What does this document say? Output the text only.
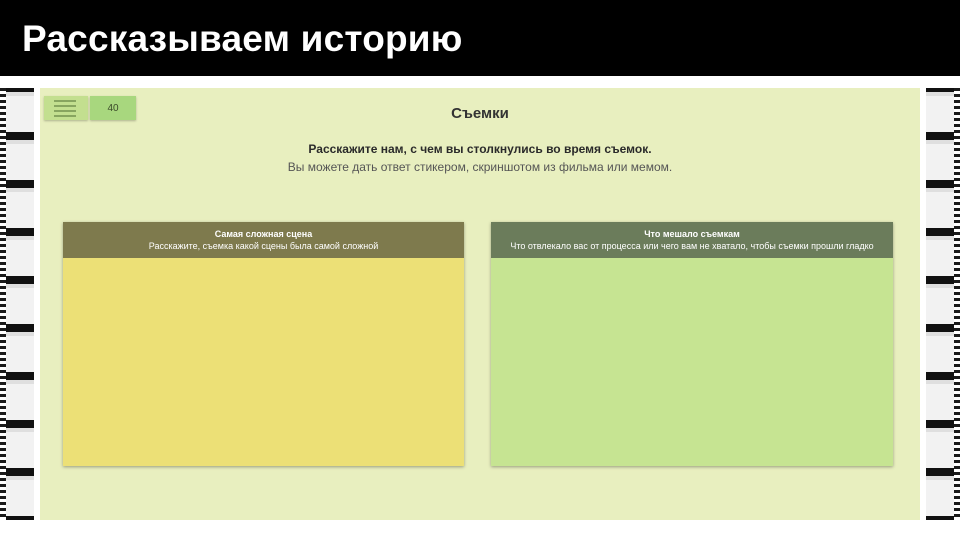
Рассказываем историю
40	Съемки
Расскажите нам, с чем вы столкнулись во время съемок.
Вы можете дать ответ стикером, скриншотом из фильма или мемом.
Самая сложная сцена
Расскажите, съемка какой сцены была самой сложной
Что мешало съемкам
Что отвлекало вас от процесса или чего вам не хватало, чтобы съемки прошли гладко
